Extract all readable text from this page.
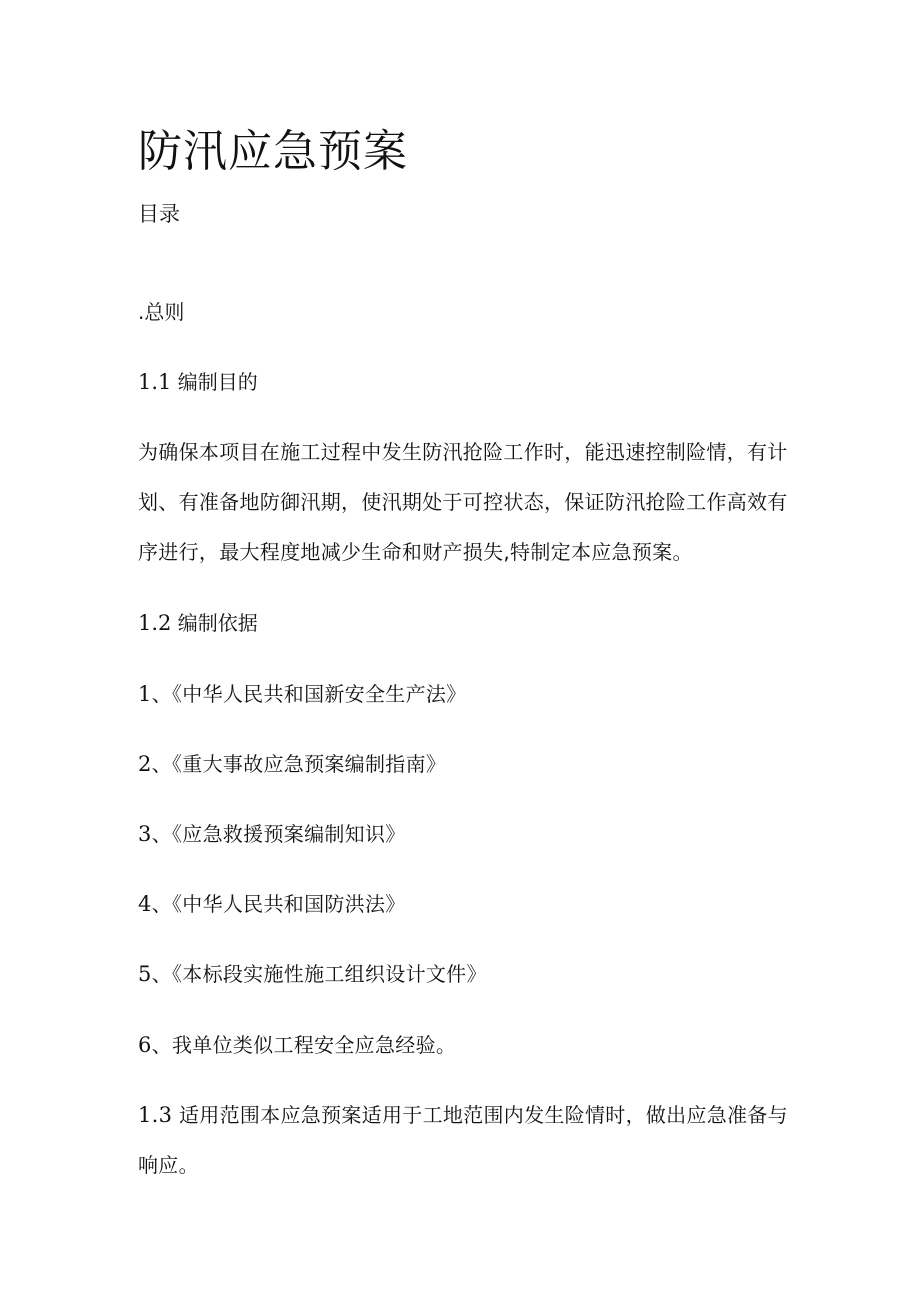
防汛应急预案
目录
.总则
1.1 编制目的
为确保本项目在施工过程中发生防汛抢险工作时，能迅速控制险情，有计
划、有准备地防御汛期，使汛期处于可控状态，保证防汛抢险工作高效有
序进行，最大程度地减少生命和财产损失,特制定本应急预案。
1.2 编制依据
1、《中华人民共和国新安全生产法》
2、《重大事故应急预案编制指南》
3、《应急救援预案编制知识》
4、《中华人民共和国防洪法》
5、《本标段实施性施工组织设计文件》
6、我单位类似工程安全应急经验。
1.3 适用范围本应急预案适用于工地范围内发生险情时，做出应急准备与
响应。
